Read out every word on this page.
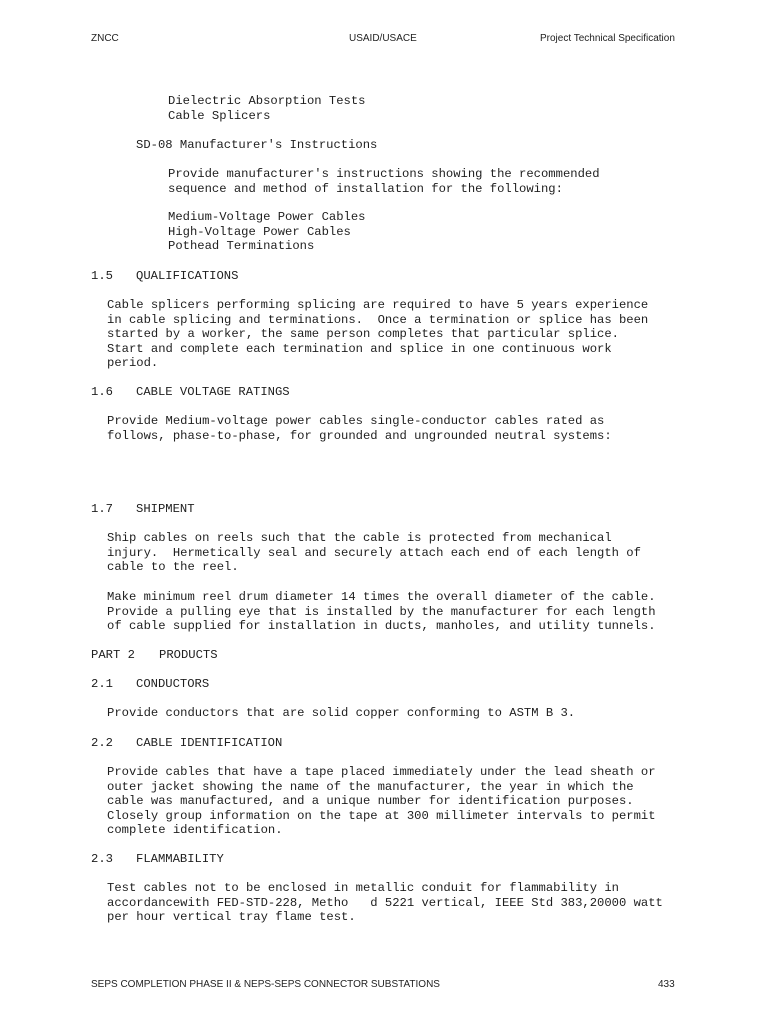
ZNCC	USAID/USACE	Project Technical Specification
Dielectric Absorption Tests
Cable Splicers
SD-08 Manufacturer's Instructions
Provide manufacturer's instructions showing the recommended
sequence and method of installation for the following:
Medium-Voltage Power Cables
High-Voltage Power Cables
Pothead Terminations
1.5 QUALIFICATIONS
Cable splicers performing splicing are required to have 5 years experience
in cable splicing and terminations.  Once a termination or splice has been
started by a worker, the same person completes that particular splice.
Start and complete each termination and splice in one continuous work
period.
1.6 CABLE VOLTAGE RATINGS
Provide Medium-voltage power cables single-conductor cables rated as
follows, phase-to-phase, for grounded and ungrounded neutral systems:
1.7 SHIPMENT
Ship cables on reels such that the cable is protected from mechanical
injury.  Hermetically seal and securely attach each end of each length of
cable to the reel.
Make minimum reel drum diameter 14 times the overall diameter of the cable.
Provide a pulling eye that is installed by the manufacturer for each length
of cable supplied for installation in ducts, manholes, and utility tunnels.
PART 2 PRODUCTS
2.1 CONDUCTORS
Provide conductors that are solid copper conforming to ASTM B 3.
2.2 CABLE IDENTIFICATION
Provide cables that have a tape placed immediately under the lead sheath or
outer jacket showing the name of the manufacturer, the year in which the
cable was manufactured, and a unique number for identification purposes.
Closely group information on the tape at 300 millimeter intervals to permit
complete identification.
2.3 FLAMMABILITY
Test cables not to be enclosed in metallic conduit for flammability in
accordancewith FED-STD-228, Metho   d 5221 vertical, IEEE Std 383,20000 watt
per hour vertical tray flame test.
SEPS COMPLETION PHASE II & NEPS-SEPS CONNECTOR SUBSTATIONS	433
